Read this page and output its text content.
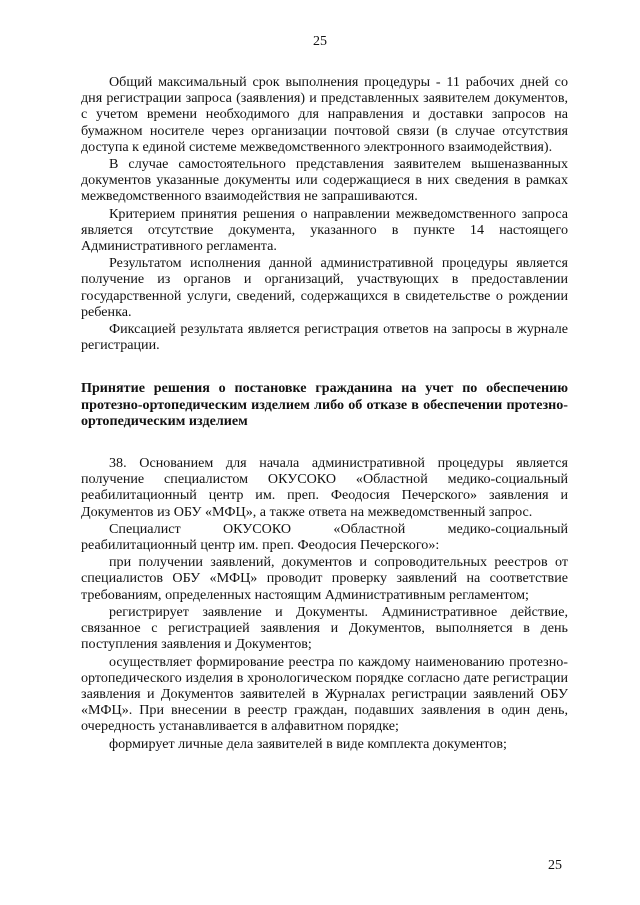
25

Общий максимальный срок выполнения процедуры - 11 рабочих дней со дня регистрации запроса (заявления) и представленных заявителем документов, с учетом времени необходимого для направления и доставки запросов на бумажном носителе через организации почтовой связи (в случае отсутствия доступа к единой системе межведомственного электронного взаимодействия).

В случае самостоятельного представления заявителем вышеназванных документов указанные документы или содержащиеся в них сведения в рамках межведомственного взаимодействия не запрашиваются.

Критерием принятия решения о направлении межведомственного запроса является отсутствие документа, указанного в пункте 14 настоящего Административного регламента.

Результатом исполнения данной административной процедуры является получение из органов и организаций, участвующих в предоставлении государственной услуги, сведений, содержащихся в свидетельстве о рождении ребенка.

Фиксацией результата является регистрация ответов на запросы в журнале регистрации.

Принятие решения о постановке гражданина на учет по обеспечению протезно-ортопедическим изделием либо об отказе в обеспечении протезно-ортопедическим изделием

38. Основанием для начала административной процедуры является получение специалистом ОКУСОКО «Областной медико-социальный реабилитационный центр им. преп. Феодосия Печерского» заявления и Документов из ОБУ «МФЦ», а также ответа на межведомственный запрос.

Специалист ОКУСОКО «Областной медико-социальный реабилитационный центр им. преп. Феодосия Печерского»:

при получении заявлений, документов и сопроводительных реестров от специалистов ОБУ «МФЦ» проводит проверку заявлений на соответствие требованиям, определенных настоящим Административным регламентом;

регистрирует заявление и Документы. Административное действие, связанное с регистрацией заявления и Документов, выполняется в день поступления заявления и Документов;

осуществляет формирование реестра по каждому наименованию протезно-ортопедического изделия в хронологическом порядке согласно дате регистрации заявления и Документов заявителей в Журналах регистрации заявлений ОБУ «МФЦ». При внесении в реестр граждан, подавших заявления в один день, очередность устанавливается в алфавитном порядке;

формирует личные дела заявителей в виде комплекта документов;

25
